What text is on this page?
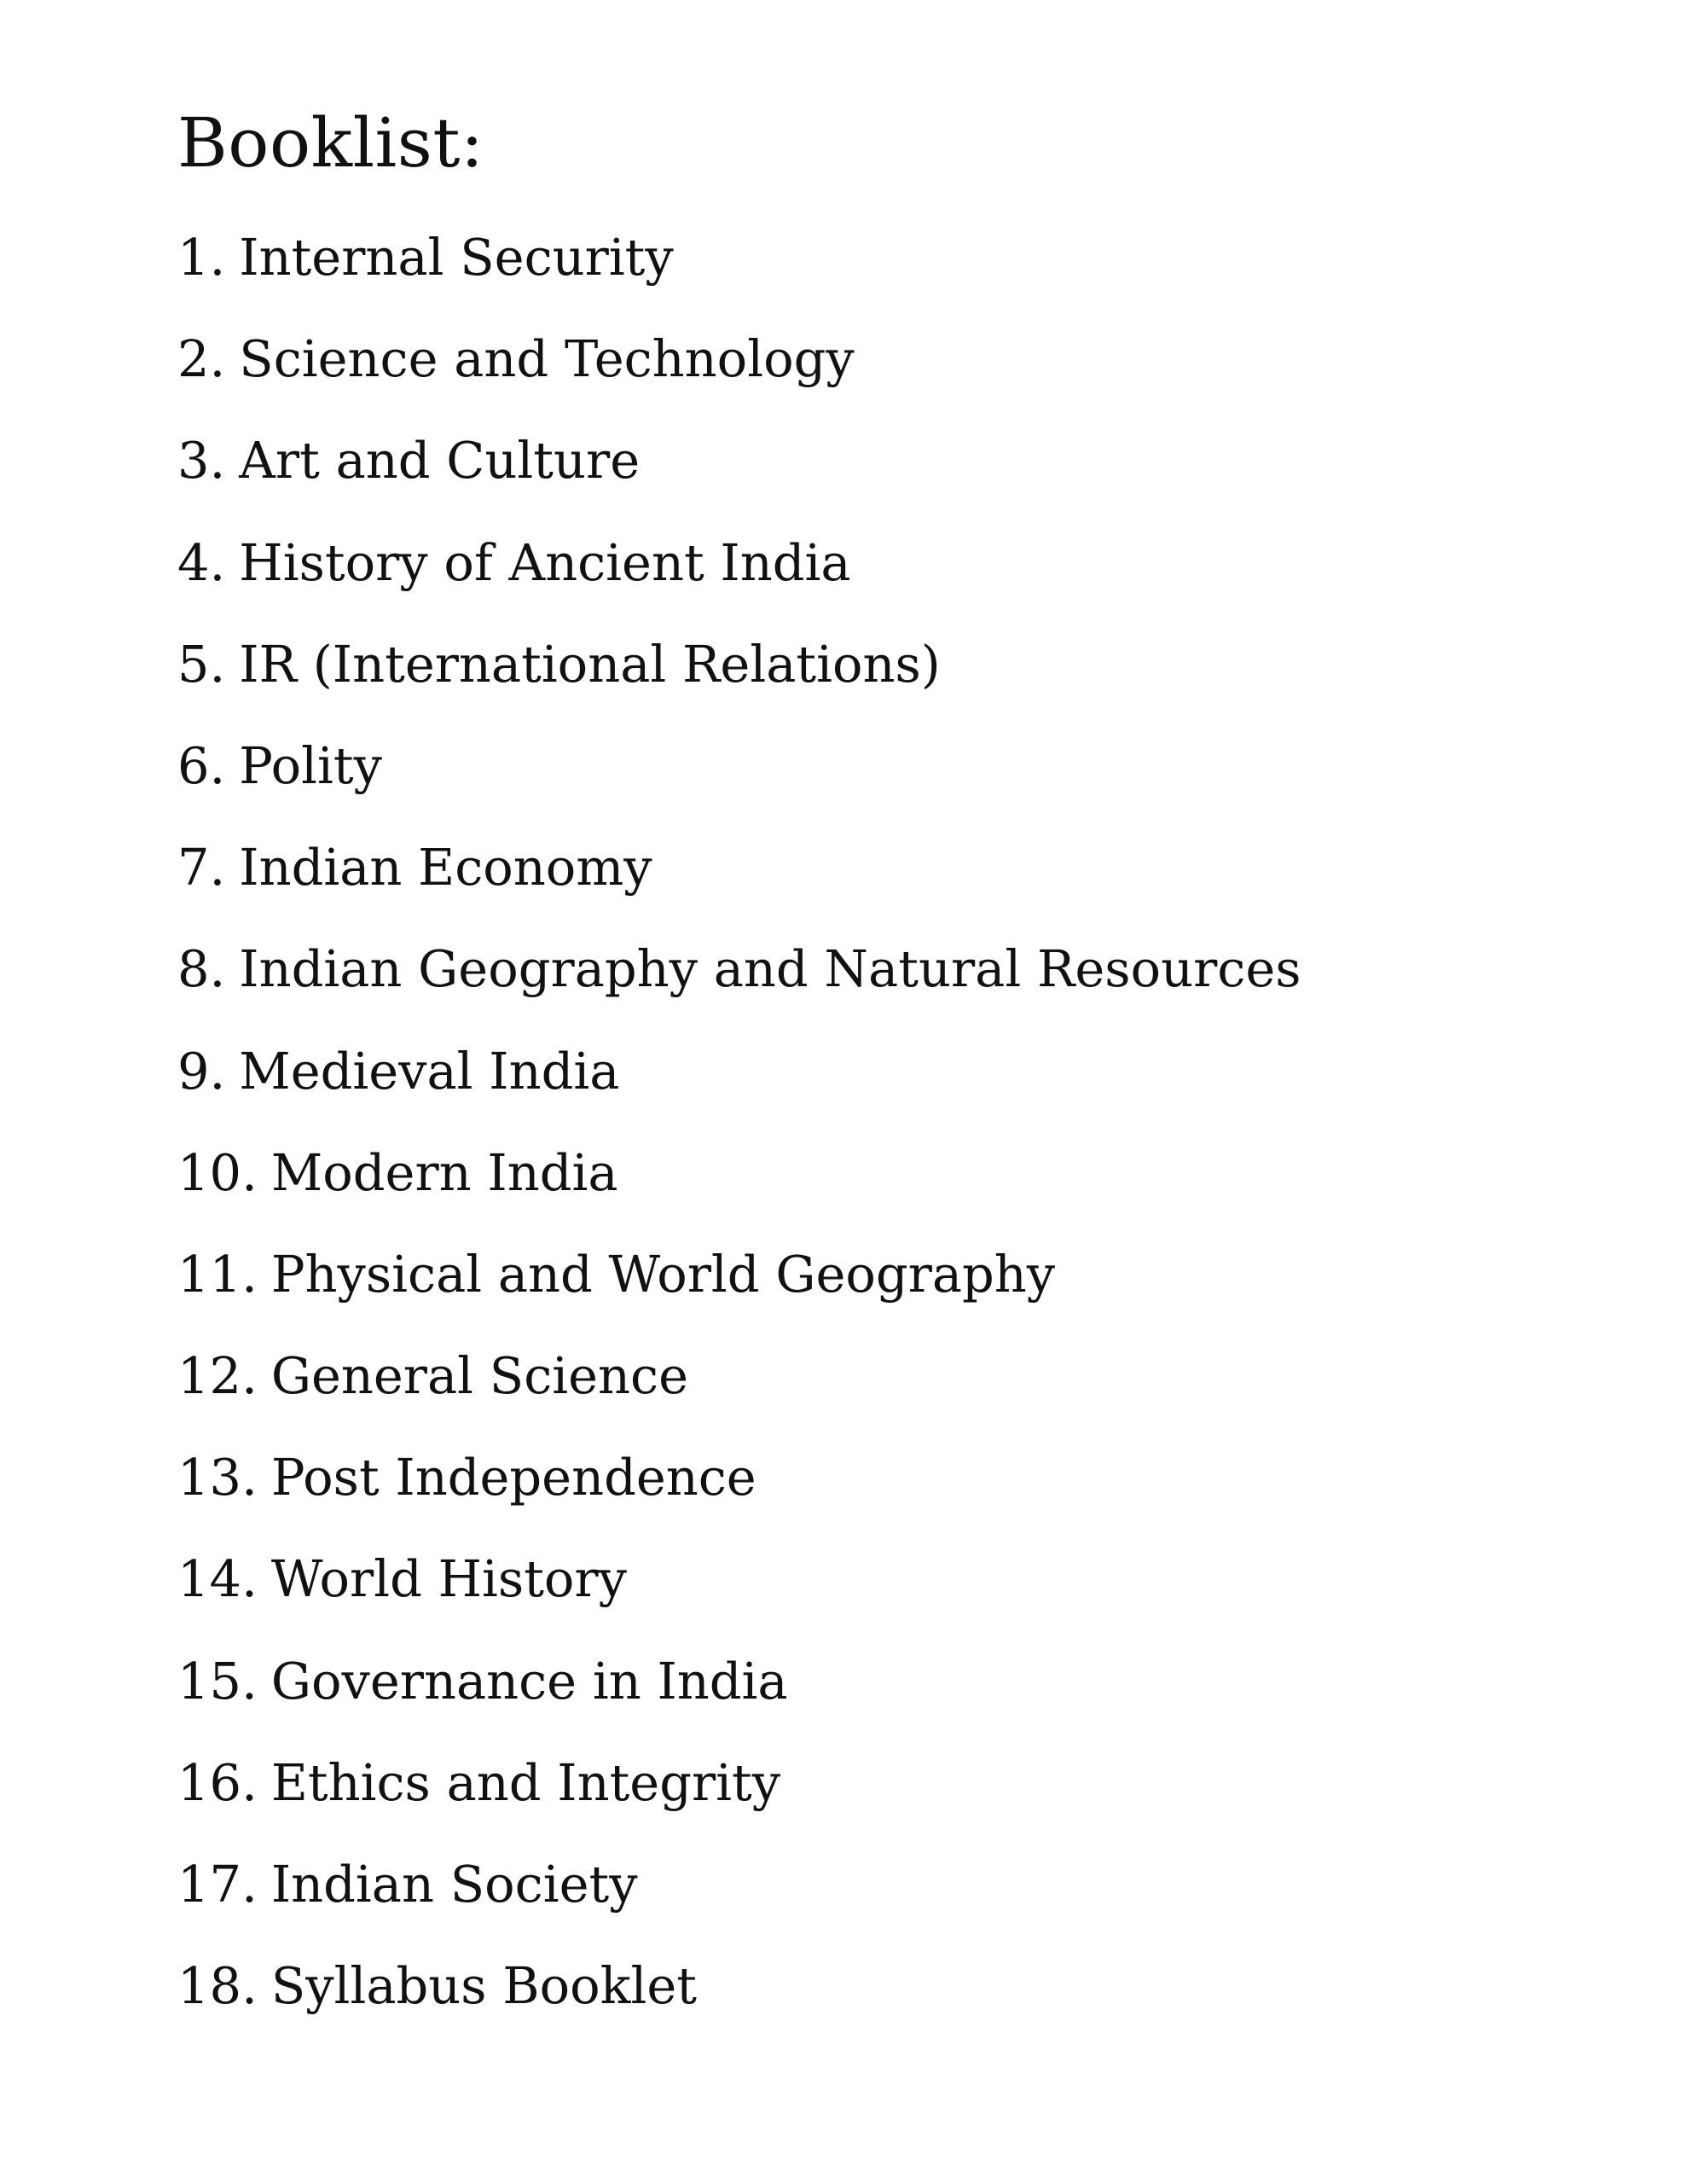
Booklist:
1. Internal Security
2. Science and Technology
3. Art and Culture
4. History of Ancient India
5. IR (International Relations)
6. Polity
7. Indian Economy
8. Indian Geography and Natural Resources
9. Medieval India
10. Modern India
11. Physical and World Geography
12. General Science
13. Post Independence
14. World History
15. Governance in India
16. Ethics and Integrity
17. Indian Society
18. Syllabus Booklet
